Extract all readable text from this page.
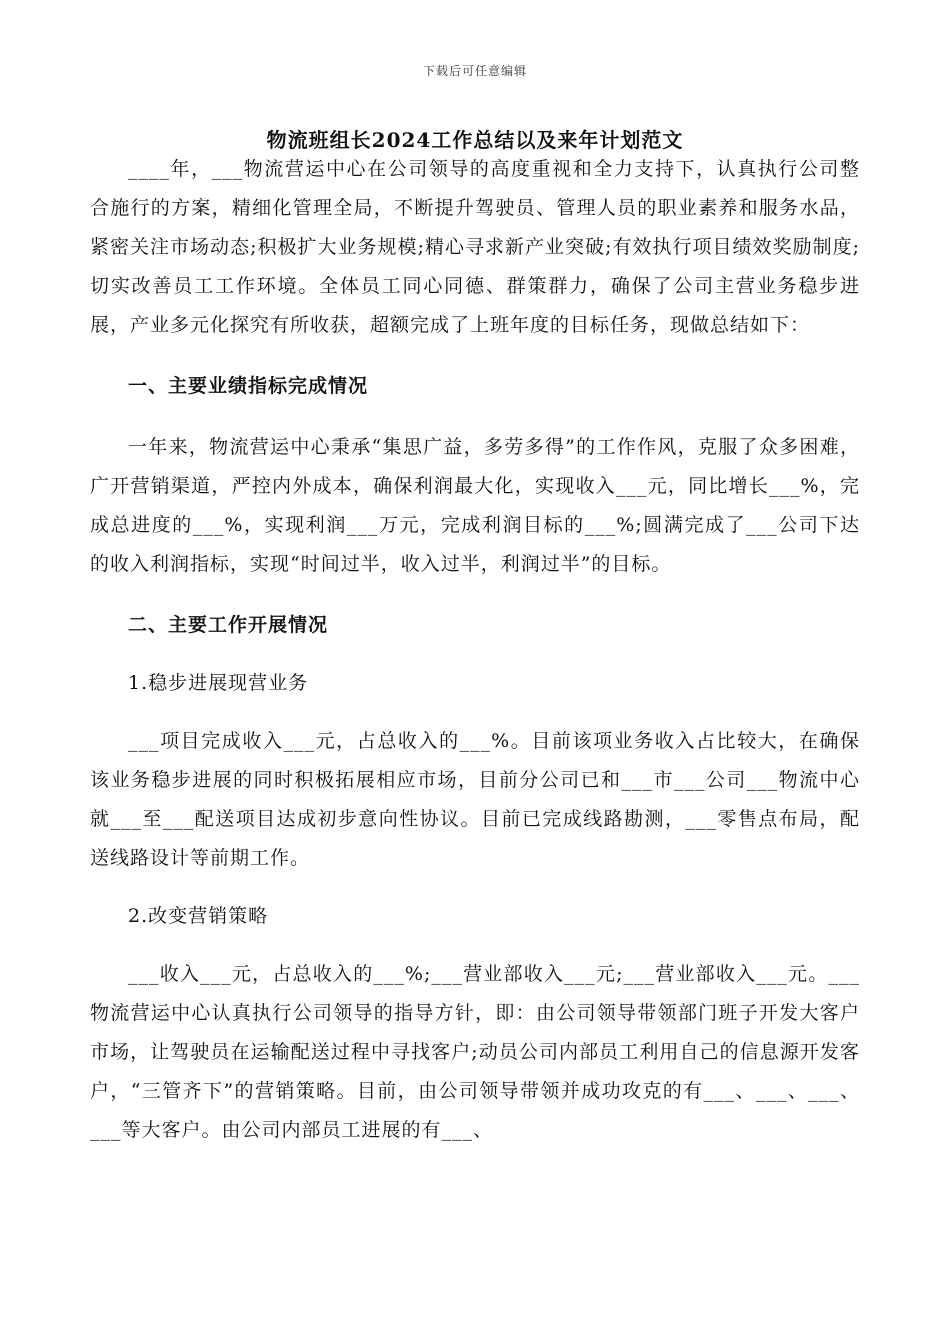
下载后可任意编辑
物流班组长2024工作总结以及来年计划范文

____年，___物流营运中心在公司领导的高度重视和全力支持下，认真执行公司整合施行的方案，精细化管理全局，不断提升驾驶员、管理人员的职业素养和服务水品，紧密关注市场动态;积极扩大业务规模;精心寻求新产业突破;有效执行项目绩效奖励制度;切实改善员工工作环境。全体员工同心同德、群策群力，确保了公司主营业务稳步进展，产业多元化探究有所收获，超额完成了上班年度的目标任务，现做总结如下：

一、主要业绩指标完成情况

一年来，物流营运中心秉承“集思广益，多劳多得”的工作作风，克服了众多困难，广开营销渠道，严控内外成本，确保利润最大化，实现收入___元，同比增长___%，完成总进度的___%，实现利润___万元，完成利润目标的___%;圆满完成了___公司下达的收入利润指标，实现“时间过半，收入过半，利润过半”的目标。

二、主要工作开展情况

1.稳步进展现营业务

___项目完成收入___元，占总收入的___%。目前该项业务收入占比较大，在确保该业务稳步进展的同时积极拓展相应市场，目前分公司已和___市___公司___物流中心就___至___配送项目达成初步意向性协议。目前已完成线路勘测，___零售点布局，配送线路设计等前期工作。

2.改变营销策略

___收入___元，占总收入的___%;___营业部收入___元;___营业部收入___元。___物流营运中心认真执行公司领导的指导方针，即：由公司领导带领部门班子开发大客户市场，让驾驶员在运输配送过程中寻找客户;动员公司内部员工利用自己的信息源开发客户，“三管齐下”的营销策略。目前，由公司领导带领并成功攻克的有___、___、___、___等大客户。由公司内部员工进展的有___、
